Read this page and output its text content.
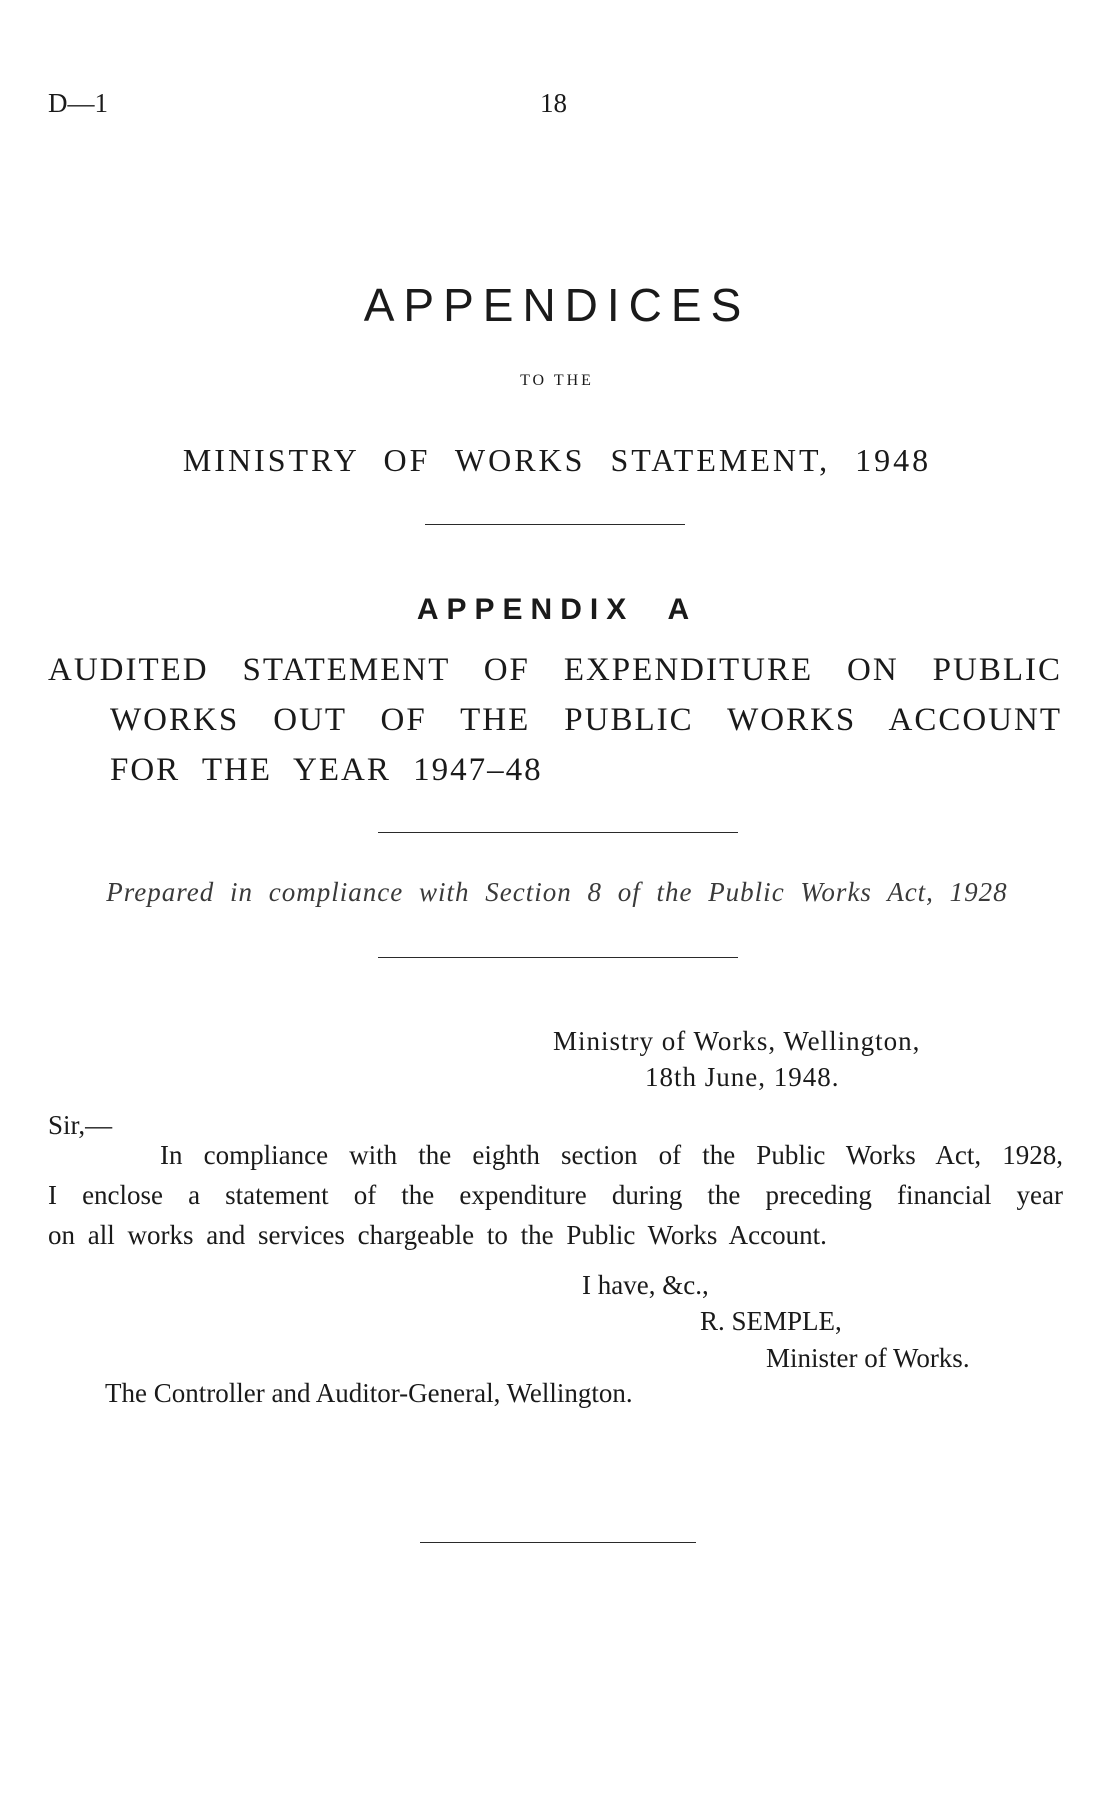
D—1	18
APPENDICES
TO THE
MINISTRY OF WORKS STATEMENT, 1948
APPENDIX A
AUDITED STATEMENT OF EXPENDITURE ON PUBLIC
WORKS OUT OF THE PUBLIC WORKS ACCOUNT
FOR THE YEAR 1947–48
Prepared in compliance with Section 8 of the Public Works Act, 1928
Ministry of Works, Wellington,
18th June, 1948.
Sir,—
In compliance with the eighth section of the Public Works Act, 1928,
I enclose a statement of the expenditure during the preceding financial year
on all works and services chargeable to the Public Works Account.
I have, &c.,
R. SEMPLE,
Minister of Works.
The Controller and Auditor-General, Wellington.
